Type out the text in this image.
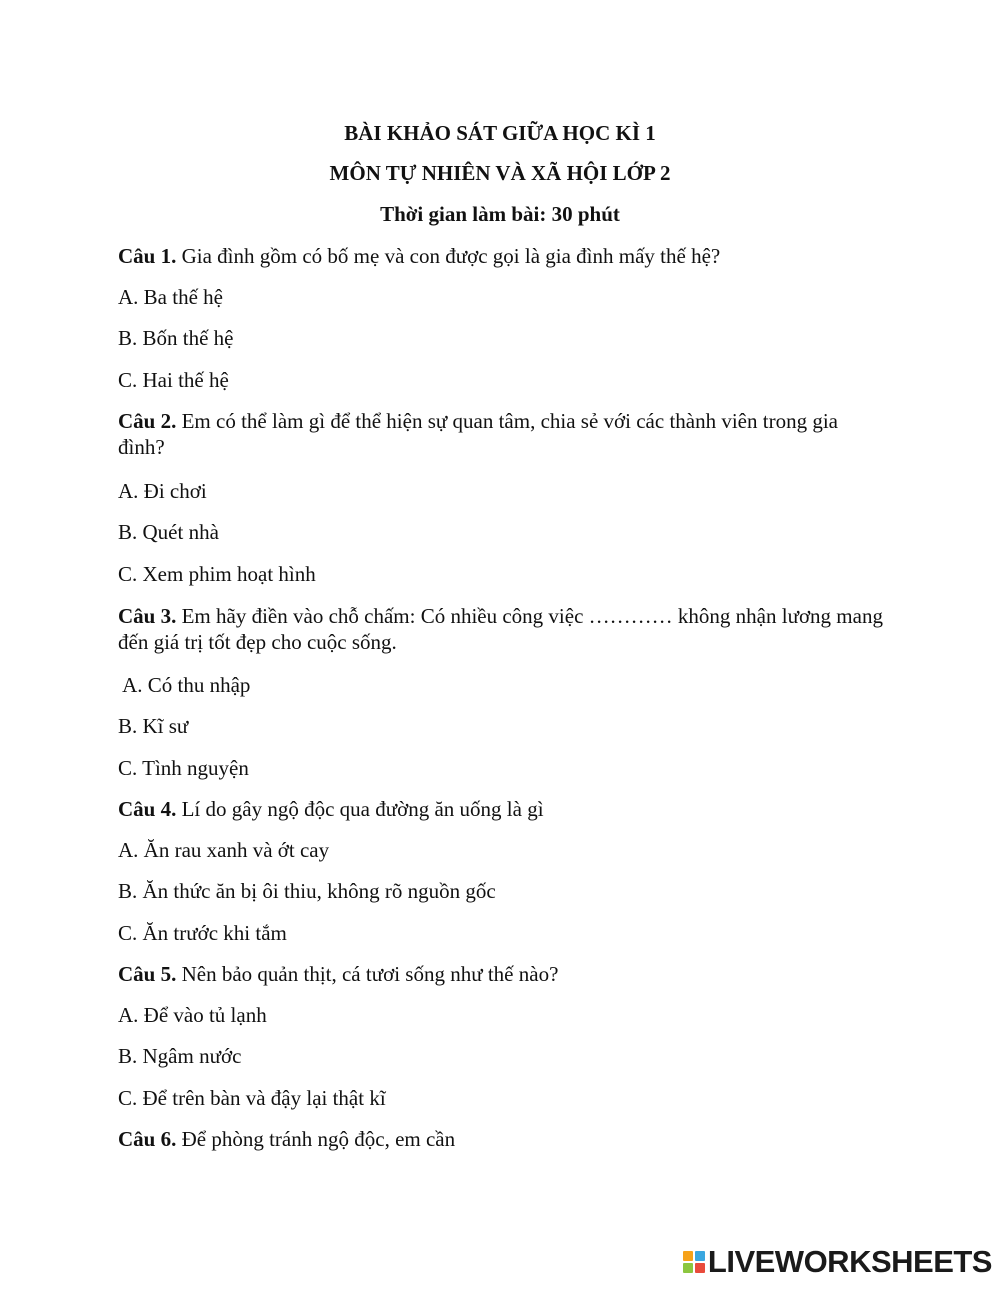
BÀI KHẢO SÁT GIỮA HỌC KÌ 1
MÔN TỰ NHIÊN VÀ XÃ HỘI LỚP 2
Thời gian làm bài: 30 phút
Câu 1. Gia đình gồm có bố mẹ và con được gọi là gia đình mấy thế hệ?
A. Ba thế hệ
B. Bốn thế hệ
C. Hai thế hệ
Câu 2. Em có thể làm gì để thể hiện sự quan tâm, chia sẻ với các thành viên trong gia đình?
A. Đi chơi
B. Quét nhà
C. Xem phim hoạt hình
Câu 3. Em hãy điền vào chỗ chấm: Có nhiều công việc ………… không nhận lương mang đến giá trị tốt đẹp cho cuộc sống.
A. Có thu nhập
B. Kĩ sư
C. Tình nguyện
Câu 4. Lí do gây ngộ độc qua đường ăn uống là gì
A. Ăn rau xanh và ớt cay
B. Ăn thức ăn bị ôi thiu, không rõ nguồn gốc
C. Ăn trước khi tắm
Câu 5. Nên bảo quản thịt, cá tươi sống như thế nào?
A. Để vào tủ lạnh
B. Ngâm nước
C. Để trên bàn và đậy lại thật kĩ
Câu 6. Để phòng tránh ngộ độc, em cần
LIVEWORKSHEETS
